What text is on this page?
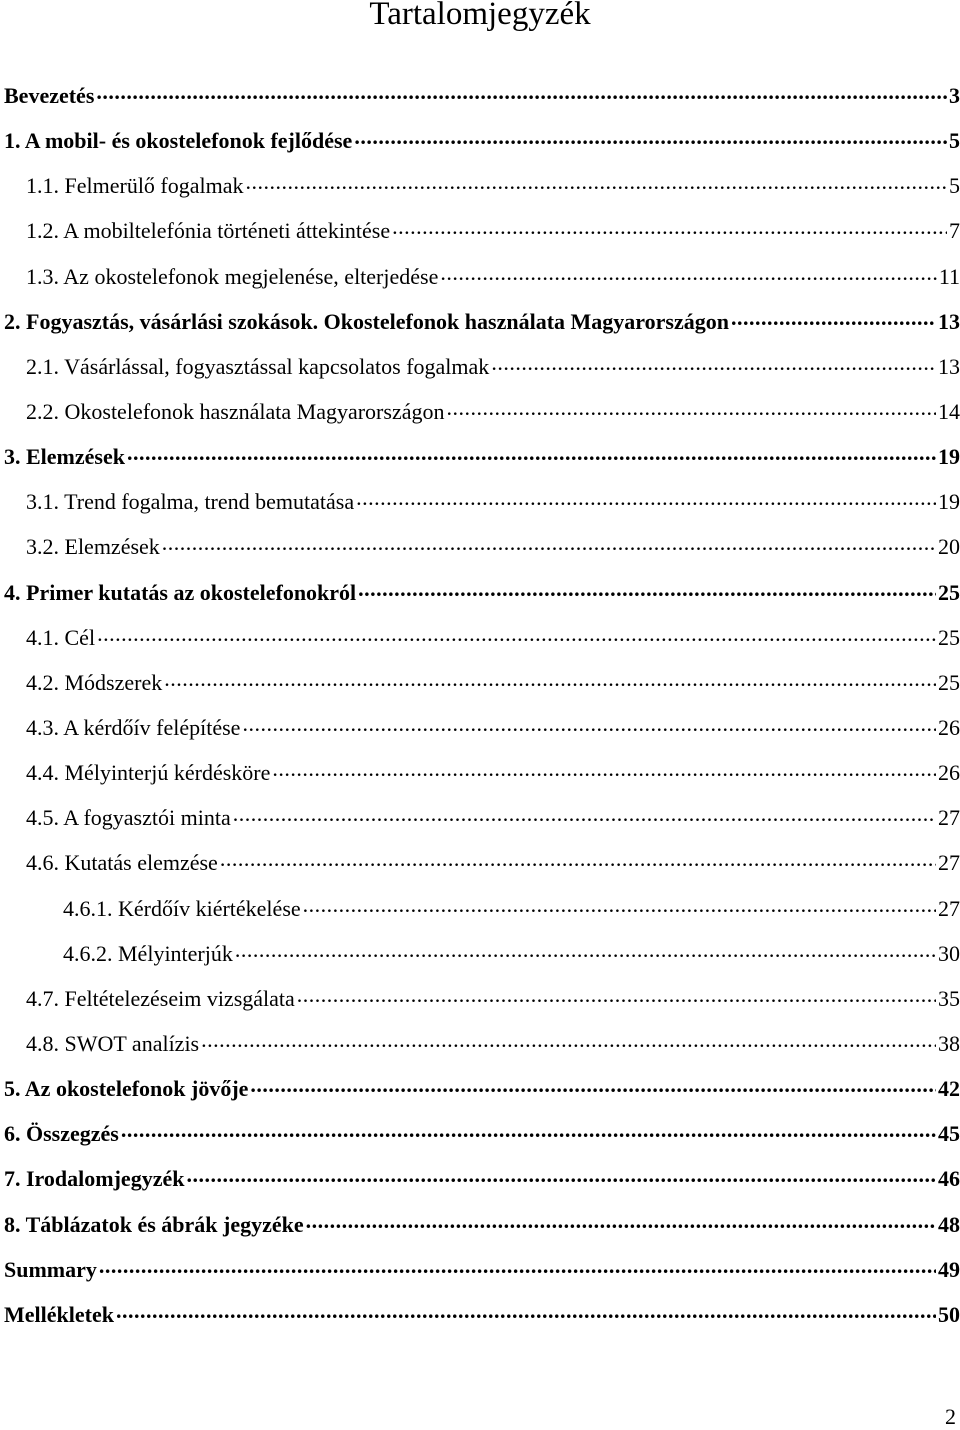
Tartalomjegyzék
Bevezetés .....	3
1. A mobil- és okostelefonok fejlődése .....	5
1.1. Felmerülő fogalmak .....	5
1.2. A mobiltelefónia történeti áttekintése .....	7
1.3. Az okostelefonok megjelenése, elterjedése .....	11
2. Fogyasztás, vásárlási szokások. Okostelefonok használata Magyarországon .....	13
2.1. Vásárlással, fogyasztással kapcsolatos fogalmak .....	13
2.2. Okostelefonok használata Magyarországon .....	14
3. Elemzések .....	19
3.1. Trend fogalma, trend bemutatása .....	19
3.2. Elemzések .....	20
4. Primer kutatás az okostelefonokról .....	25
4.1. Cél .....	25
4.2. Módszerek .....	25
4.3. A kérdőív felépítése .....	26
4.4. Mélyinterjú kérdésköre .....	26
4.5. A fogyasztói minta .....	27
4.6. Kutatás elemzése .....	27
4.6.1. Kérdőív kiértékelése .....	27
4.6.2. Mélyinterjúk .....	30
4.7. Feltételezéseim vizsgálata .....	35
4.8. SWOT analízis .....	38
5. Az okostelefonok jövője .....	42
6. Összegzés .....	45
7. Irodalomjegyzék .....	46
8. Táblázatok és ábrák jegyzéke .....	48
Summary .....	49
Mellékletek .....	50

2
